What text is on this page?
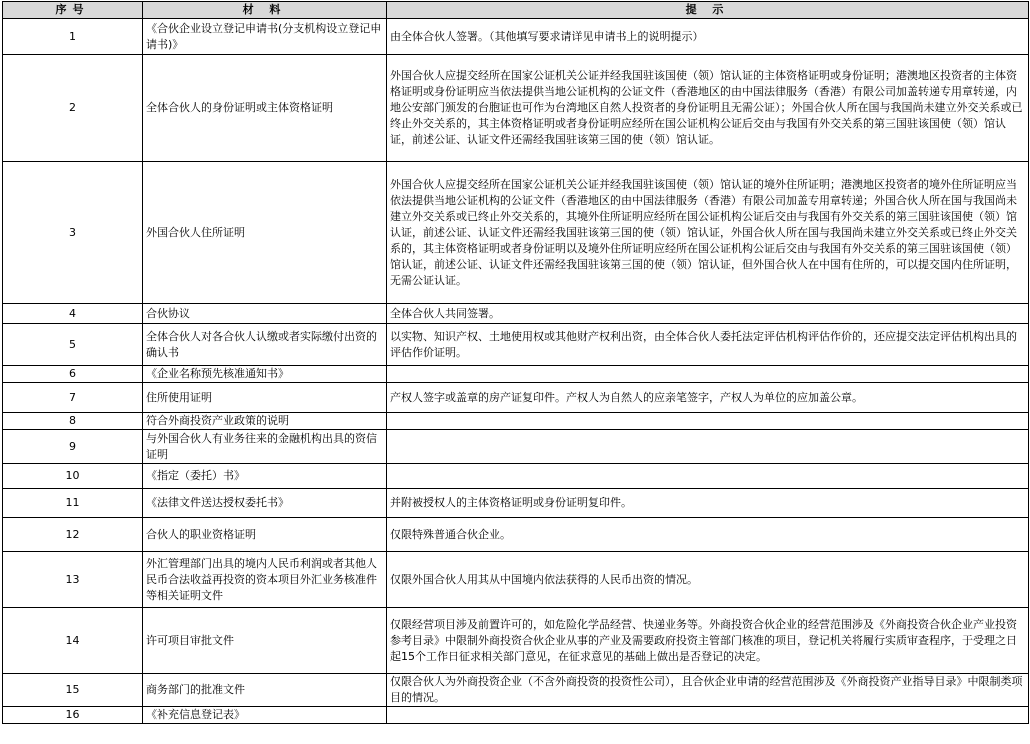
序号	材 料	提 示
1	《合伙企业设立登记申请书(分支机构设立登记申请书)》	由全体合伙人签署。（其他填写要求请详见申请书上的说明提示）
2	全体合伙人的身份证明或主体资格证明	外国合伙人应提交经所在国家公证机关公证并经我国驻该国使（领）馆认证的主体资格证明或身份证明；港澳地区投资者的主体资格证明或身份证明应当依法提供当地公证机构的公证文件（香港地区的由中国法律服务（香港）有限公司加盖转递专用章转递，内地公安部门颁发的台胞证也可作为台湾地区自然人投资者的身份证明且无需公证）；外国合伙人所在国与我国尚未建立外交关系或已终止外交关系的，其主体资格证明或者身份证明应经所在国公证机构公证后交由与我国有外交关系的第三国驻该国使（领）馆认证，前述公证、认证文件还需经我国驻该第三国的使（领）馆认证。
3	外国合伙人住所证明	外国合伙人应提交经所在国家公证机关公证并经我国驻该国使（领）馆认证的境外住所证明；港澳地区投资者的境外住所证明应当依法提供当地公证机构的公证文件（香港地区的由中国法律服务（香港）有限公司加盖专用章转递；外国合伙人所在国与我国尚未建立外交关系或已终止外交关系的，其境外住所证明应经所在国公证机构公证后交由与我国有外交关系的第三国驻该国使（领）馆认证，前述公证、认证文件还需经我国驻该第三国的使（领）馆认证，外国合伙人所在国与我国尚未建立外交关系或已终止外交关系的，其主体资格证明或者身份证明以及境外住所证明应经所在国公证机构公证后交由与我国有外交关系的第三国驻该国使（领）馆认证，前述公证、认证文件还需经我国驻该第三国的使（领）馆认证，但外国合伙人在中国有住所的，可以提交国内住所证明，无需公证认证。
4	合伙协议	全体合伙人共同签署。
5	全体合伙人对各合伙人认缴或者实际缴付出资的确认书	以实物、知识产权、土地使用权或其他财产权利出资，由全体合伙人委托法定评估机构评估作价的，还应提交法定评估机构出具的评估作价证明。
6	《企业名称预先核准通知书》	
7	住所使用证明	产权人签字或盖章的房产证复印件。产权人为自然人的应亲笔签字，产权人为单位的应加盖公章。
8	符合外商投资产业政策的说明	
9	与外国合伙人有业务往来的金融机构出具的资信证明	
10	《指定（委托）书》	
11	《法律文件送达授权委托书》	并附被授权人的主体资格证明或身份证明复印件。
12	合伙人的职业资格证明	仅限特殊普通合伙企业。
13	外汇管理部门出具的境内人民币利润或者其他人民币合法收益再投资的资本项目外汇业务核准件等相关证明文件	仅限外国合伙人用其从中国境内依法获得的人民币出资的情况。
14	许可项目审批文件	仅限经营项目涉及前置许可的，如危险化学品经营、快递业务等。外商投资合伙企业的经营范围涉及《外商投资合伙企业产业投资参考目录》中限制外商投资合伙企业从事的产业及需要政府投资主管部门核准的项目，登记机关将履行实质审查程序，于受理之日起15个工作日征求相关部门意见，在征求意见的基础上做出是否登记的决定。
15	商务部门的批准文件	仅限合伙人为外商投资企业（不含外商投资的投资性公司），且合伙企业申请的经营范围涉及《外商投资产业指导目录》中限制类项目的情况。
16	《补充信息登记表》	
